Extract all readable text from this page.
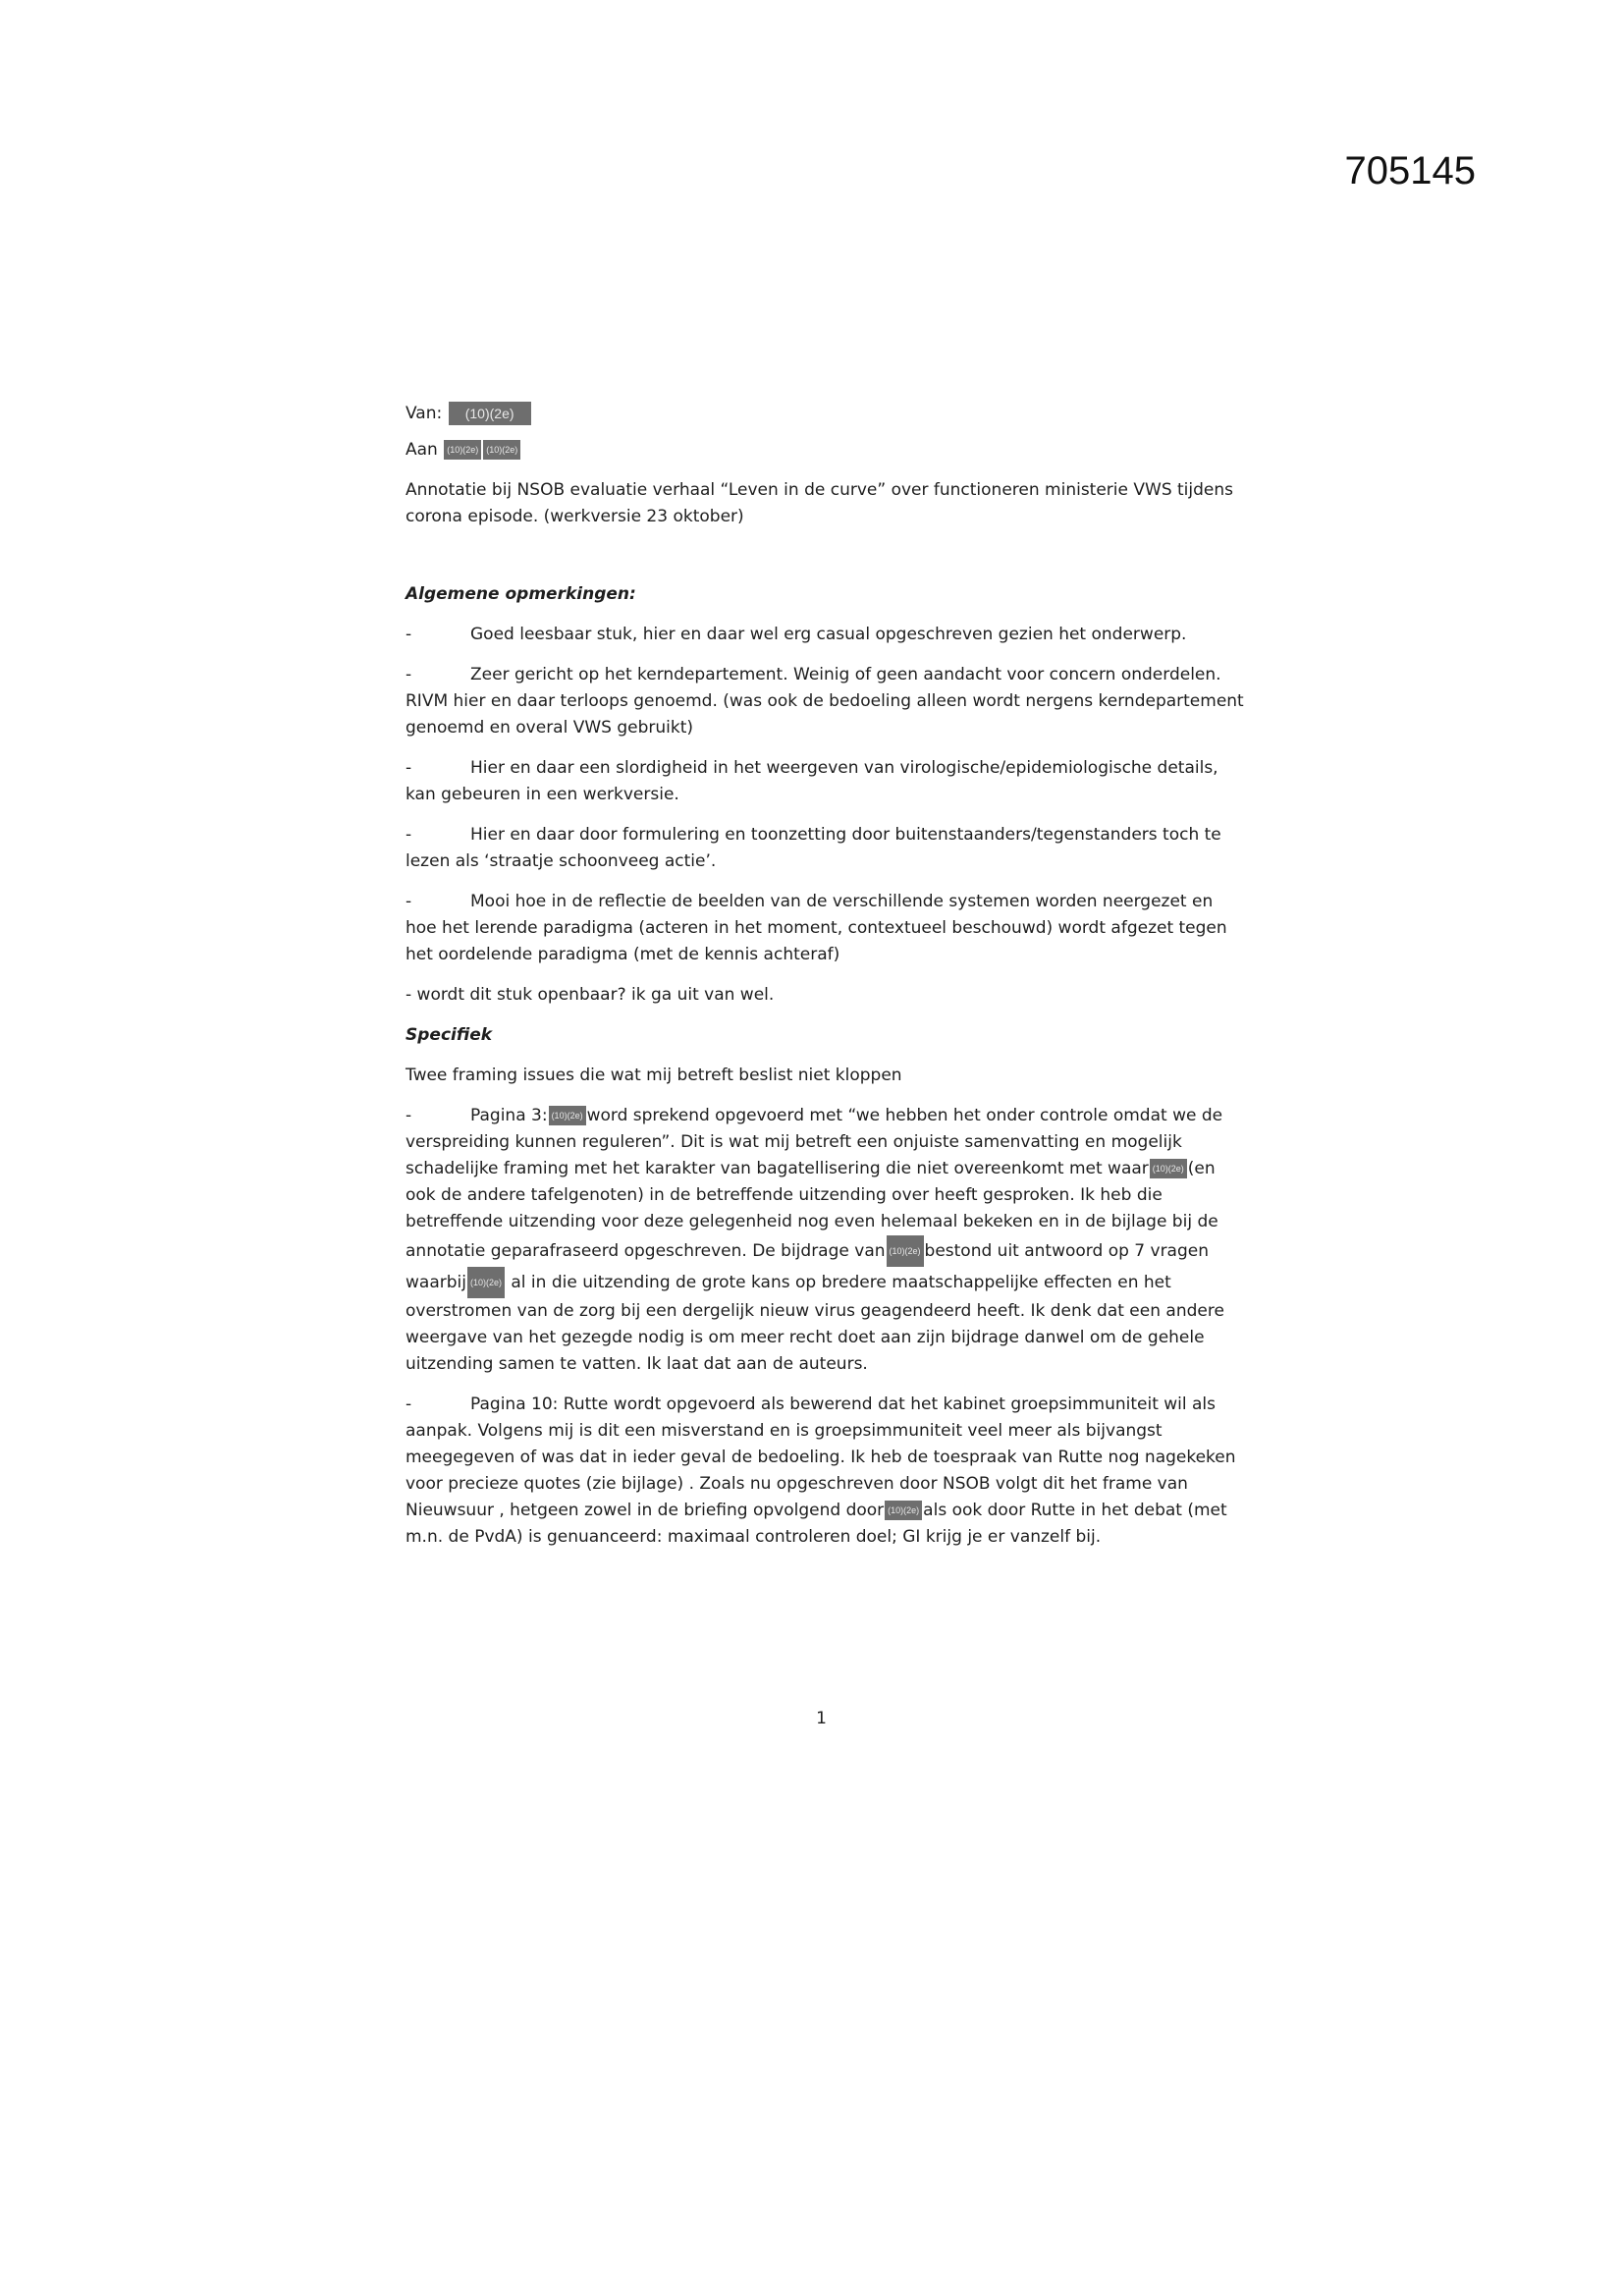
705145

Van: (10)(2e)

Aan (10)(2e) (10)(2e)

Annotatie bij NSOB evaluatie verhaal “Leven in de curve” over functioneren ministerie VWS tijdens

corona episode. (werkversie 23 oktober)

Algemene opmerkingen:

-	Goed leesbaar stuk, hier en daar wel erg casual opgeschreven gezien het onderwerp.

-	Zeer gericht op het kerndepartement. Weinig of geen aandacht voor concern onderdelen.

RIVM hier en daar terloops genoemd. (was ook de bedoeling alleen wordt nergens kerndepartement

genoemd en overal VWS gebruikt)

-	Hier en daar een slordigheid in het weergeven van virologische/epidemiologische details,

kan gebeuren in een werkversie.

-	Hier en daar door formulering en toonzetting door buitenstaanders/tegenstanders toch te

lezen als ‘straatje schoonveeg actie’.

-	Mooi hoe in de reflectie de beelden van de verschillende systemen worden neergezet en

hoe het lerende paradigma (acteren in het moment, contextueel beschouwd) wordt afgezet tegen

het oordelende paradigma (met de kennis achteraf)

- wordt dit stuk openbaar? ik ga uit van wel.

Specifiek

Twee framing issues die wat mij betreft beslist niet kloppen

-	Pagina 3: (10)(2e) word sprekend opgevoerd met “we hebben het onder controle omdat we de

verspreiding kunnen reguleren”. Dit is wat mij betreft een onjuiste samenvatting en mogelijk

schadelijke framing met het karakter van bagatellisering die niet overeenkomt met waar (10)(2e) (en

ook de andere tafelgenoten) in de betreffende uitzending over heeft gesproken. Ik heb die

betreffende uitzending voor deze gelegenheid nog even helemaal bekeken en in de bijlage bij de

annotatie geparafraseerd opgeschreven. De bijdrage van (10)(2e) bestond uit antwoord op 7 vragen

waarbij (10)(2e) al in die uitzending de grote kans op bredere maatschappelijke effecten en het

overstromen van de zorg bij een dergelijk nieuw virus geagendeerd heeft. Ik denk dat een andere

weergave van het gezegde nodig is om meer recht doet aan zijn bijdrage danwel om de gehele

uitzending samen te vatten. Ik laat dat aan de auteurs.

-	Pagina 10: Rutte wordt opgevoerd als bewerend dat het kabinet groepsimmuniteit wil als

aanpak. Volgens mij is dit een misverstand en is groepsimmuniteit veel meer als bijvangst

meegegeven of was dat in ieder geval de bedoeling. Ik heb de toespraak van Rutte nog nagekeken

voor precieze quotes (zie bijlage) . Zoals nu opgeschreven door NSOB volgt dit het frame van

Nieuwsuur , hetgeen zowel in de briefing opvolgend door (10)(2e) als ook door Rutte in het debat (met

m.n. de PvdA) is genuanceerd: maximaal controleren doel; GI krijg je er vanzelf bij.

1
